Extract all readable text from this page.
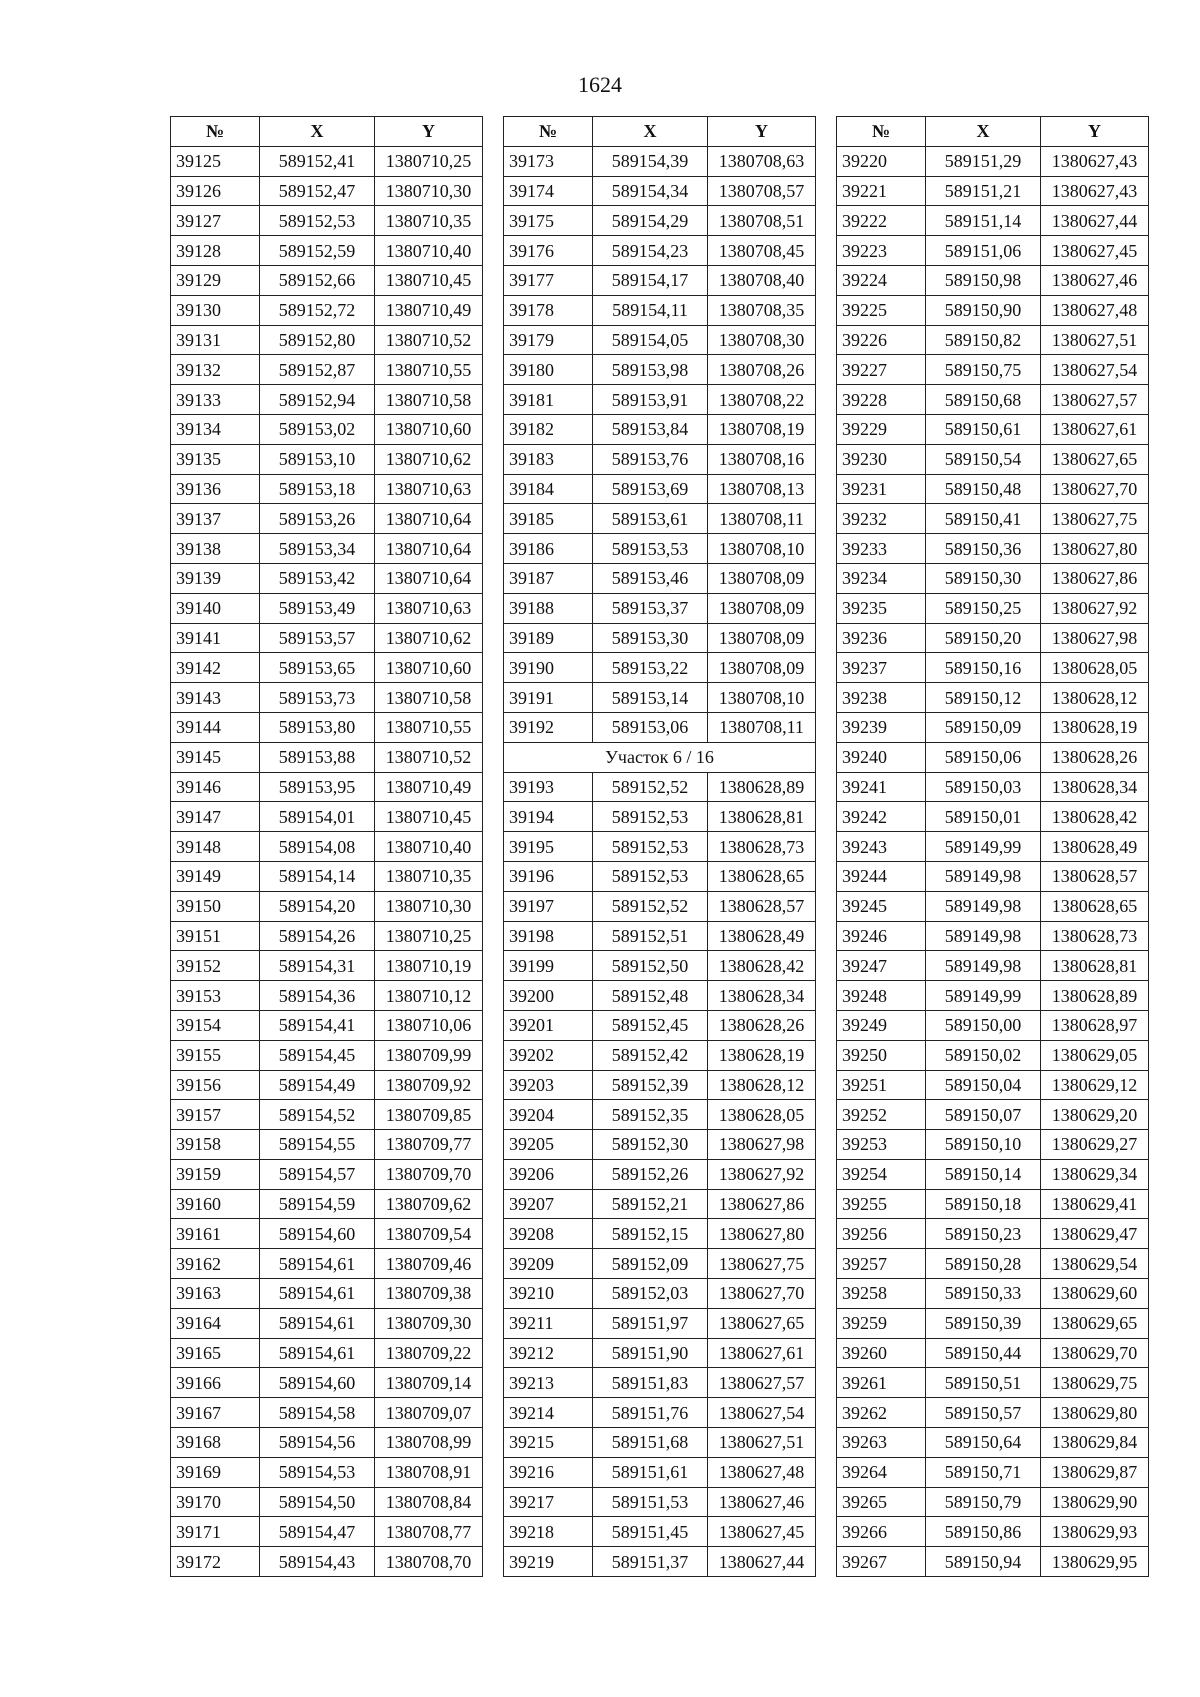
1624
№	X	Y
39125	589152,41	1380710,25
39126	589152,47	1380710,30
39127	589152,53	1380710,35
39128	589152,59	1380710,40
39129	589152,66	1380710,45
39130	589152,72	1380710,49
39131	589152,80	1380710,52
39132	589152,87	1380710,55
39133	589152,94	1380710,58
39134	589153,02	1380710,60
39135	589153,10	1380710,62
39136	589153,18	1380710,63
39137	589153,26	1380710,64
39138	589153,34	1380710,64
39139	589153,42	1380710,64
39140	589153,49	1380710,63
39141	589153,57	1380710,62
39142	589153,65	1380710,60
39143	589153,73	1380710,58
39144	589153,80	1380710,55
39145	589153,88	1380710,52
39146	589153,95	1380710,49
39147	589154,01	1380710,45
39148	589154,08	1380710,40
39149	589154,14	1380710,35
39150	589154,20	1380710,30
39151	589154,26	1380710,25
39152	589154,31	1380710,19
39153	589154,36	1380710,12
39154	589154,41	1380710,06
39155	589154,45	1380709,99
39156	589154,49	1380709,92
39157	589154,52	1380709,85
39158	589154,55	1380709,77
39159	589154,57	1380709,70
39160	589154,59	1380709,62
39161	589154,60	1380709,54
39162	589154,61	1380709,46
39163	589154,61	1380709,38
39164	589154,61	1380709,30
39165	589154,61	1380709,22
39166	589154,60	1380709,14
39167	589154,58	1380709,07
39168	589154,56	1380708,99
39169	589154,53	1380708,91
39170	589154,50	1380708,84
39171	589154,47	1380708,77
39172	589154,43	1380708,70
№	X	Y
39173	589154,39	1380708,63
39174	589154,34	1380708,57
39175	589154,29	1380708,51
39176	589154,23	1380708,45
39177	589154,17	1380708,40
39178	589154,11	1380708,35
39179	589154,05	1380708,30
39180	589153,98	1380708,26
39181	589153,91	1380708,22
39182	589153,84	1380708,19
39183	589153,76	1380708,16
39184	589153,69	1380708,13
39185	589153,61	1380708,11
39186	589153,53	1380708,10
39187	589153,46	1380708,09
39188	589153,37	1380708,09
39189	589153,30	1380708,09
39190	589153,22	1380708,09
39191	589153,14	1380708,10
39192	589153,06	1380708,11
Участок 6 / 16		
39193	589152,52	1380628,89
39194	589152,53	1380628,81
39195	589152,53	1380628,73
39196	589152,53	1380628,65
39197	589152,52	1380628,57
39198	589152,51	1380628,49
39199	589152,50	1380628,42
39200	589152,48	1380628,34
39201	589152,45	1380628,26
39202	589152,42	1380628,19
39203	589152,39	1380628,12
39204	589152,35	1380628,05
39205	589152,30	1380627,98
39206	589152,26	1380627,92
39207	589152,21	1380627,86
39208	589152,15	1380627,80
39209	589152,09	1380627,75
39210	589152,03	1380627,70
39211	589151,97	1380627,65
39212	589151,90	1380627,61
39213	589151,83	1380627,57
39214	589151,76	1380627,54
39215	589151,68	1380627,51
39216	589151,61	1380627,48
39217	589151,53	1380627,46
39218	589151,45	1380627,45
39219	589151,37	1380627,44
№	X	Y
39220	589151,29	1380627,43
39221	589151,21	1380627,43
39222	589151,14	1380627,44
39223	589151,06	1380627,45
39224	589150,98	1380627,46
39225	589150,90	1380627,48
39226	589150,82	1380627,51
39227	589150,75	1380627,54
39228	589150,68	1380627,57
39229	589150,61	1380627,61
39230	589150,54	1380627,65
39231	589150,48	1380627,70
39232	589150,41	1380627,75
39233	589150,36	1380627,80
39234	589150,30	1380627,86
39235	589150,25	1380627,92
39236	589150,20	1380627,98
39237	589150,16	1380628,05
39238	589150,12	1380628,12
39239	589150,09	1380628,19
39240	589150,06	1380628,26
39241	589150,03	1380628,34
39242	589150,01	1380628,42
39243	589149,99	1380628,49
39244	589149,98	1380628,57
39245	589149,98	1380628,65
39246	589149,98	1380628,73
39247	589149,98	1380628,81
39248	589149,99	1380628,89
39249	589150,00	1380628,97
39250	589150,02	1380629,05
39251	589150,04	1380629,12
39252	589150,07	1380629,20
39253	589150,10	1380629,27
39254	589150,14	1380629,34
39255	589150,18	1380629,41
39256	589150,23	1380629,47
39257	589150,28	1380629,54
39258	589150,33	1380629,60
39259	589150,39	1380629,65
39260	589150,44	1380629,70
39261	589150,51	1380629,75
39262	589150,57	1380629,80
39263	589150,64	1380629,84
39264	589150,71	1380629,87
39265	589150,79	1380629,90
39266	589150,86	1380629,93
39267	589150,94	1380629,95
